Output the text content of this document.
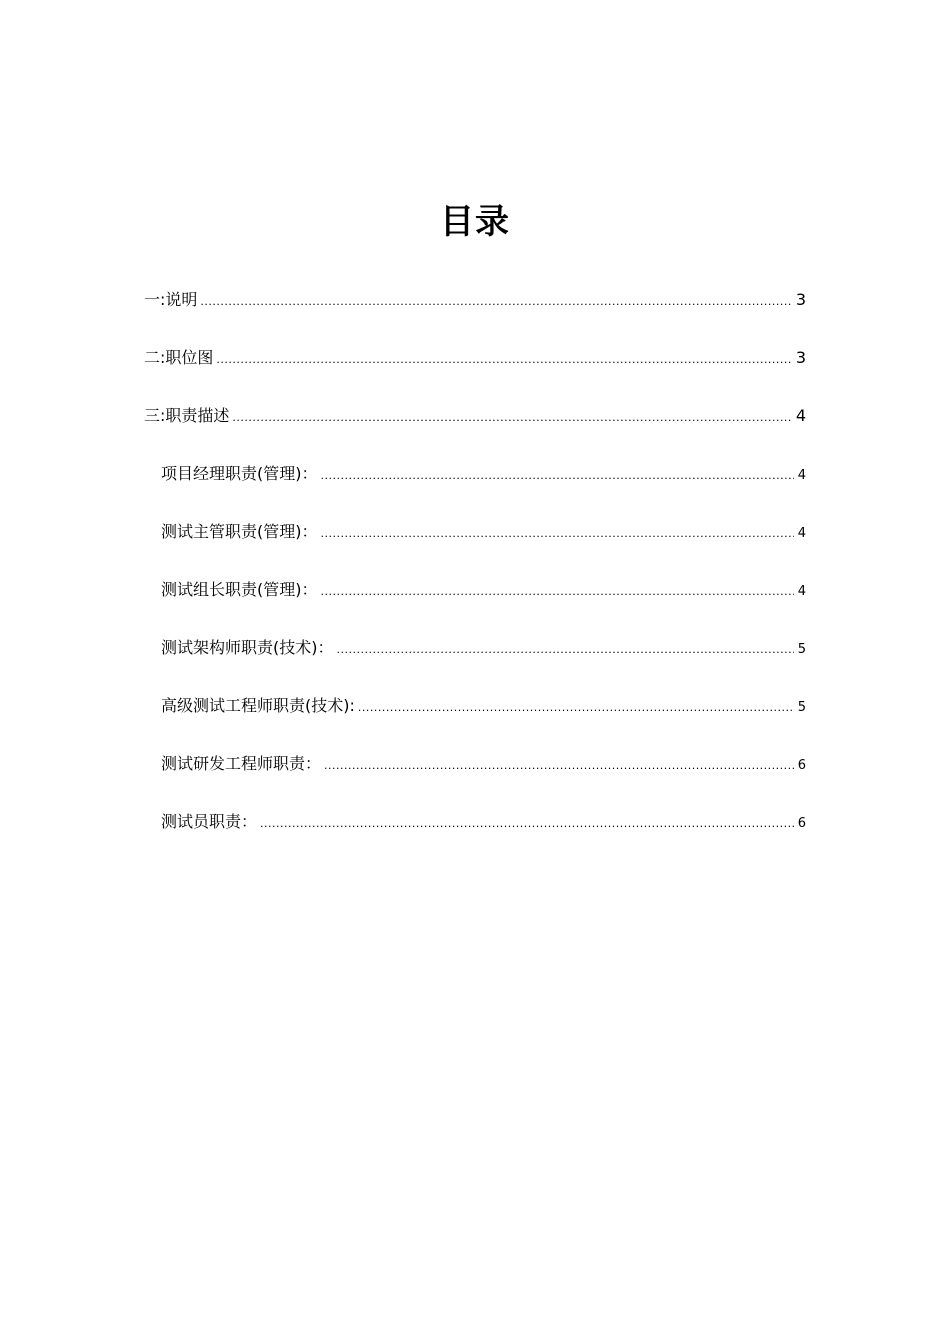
目录
一:说明 .....	3
二:职位图 .....	3
三:职责描述 .....	4
项目经理职责(管理)： .....	4
测试主管职责(管理)： .....	4
测试组长职责(管理)： .....	4
测试架构师职责(技术)： .....	5
高级测试工程师职责(技术): .....	5
测试研发工程师职责： .....	6
测试员职责： .....	6
